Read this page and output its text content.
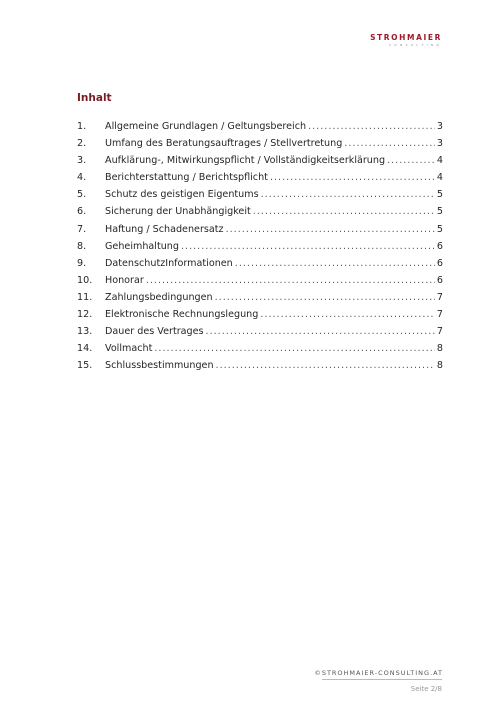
STROHMAIER
C O N S U L T I N G
Inhalt
1.	Allgemeine Grundlagen / Geltungsbereich .....	3
2.	Umfang des Beratungsauftrages / Stellvertretung .....	3
3.	Aufklärung-, Mitwirkungspflicht / Vollständigkeitserklärung .....	4
4.	Berichterstattung / Berichtspflicht .....	4
5.	Schutz des geistigen Eigentums .....	5
6.	Sicherung der Unabhängigkeit .....	5
7.	Haftung / Schadenersatz .....	5
8.	Geheimhaltung .....	6
9.	DatenschutzInformationen .....	6
10.	Honorar .....	6
11.	Zahlungsbedingungen .....	7
12.	Elektronische Rechnungslegung .....	7
13.	Dauer des Vertrages .....	7
14.	Vollmacht .....	8
15.	Schlussbestimmungen .....	8
©STROHMAIER-CONSULTING.AT
Seite 2/8
